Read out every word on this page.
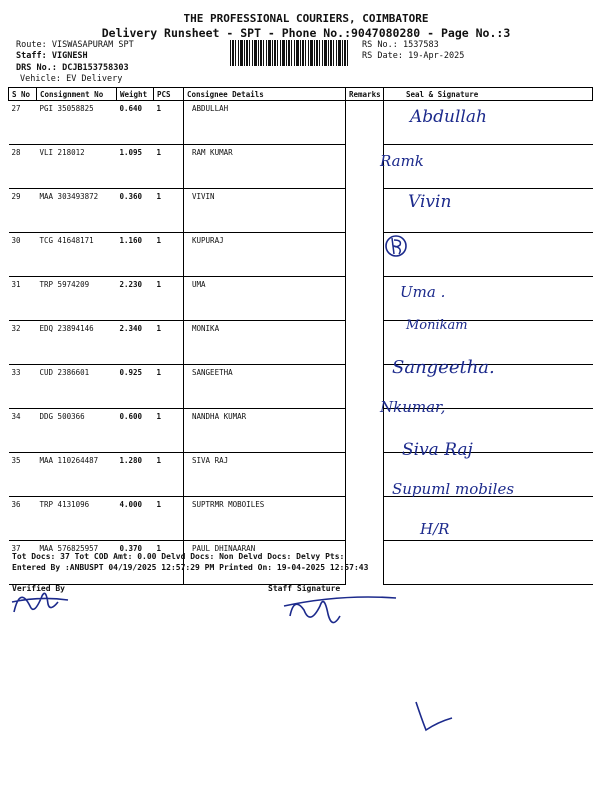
THE PROFESSIONAL COURIERS, COIMBATORE
Delivery Runsheet - SPT - Phone No.:9047080280 - Page No.:3
Route: VISWASAPURAM SPT
Staff: VIGNESH
DRS No.: DCJB153758303
Vehicle: EV Delivery
RS No.: 1537583
RS Date: 19-Apr-2025
S No	Consignment No	Weight	PCS	Consignee Details	Remarks	Seal & Signature
27	PGI 35058825	0.640	1	ABDULLAH		
28	VLI 218012	1.095	1	RAM KUMAR		
29	MAA 303493872	0.360	1	VIVIN		
30	TCG 41648171	1.160	1	KUPURAJ		
31	TRP 5974209	2.230	1	UMA		
32	EDQ 23894146	2.340	1	MONIKA		
33	CUD 2386601	0.925	1	SANGEETHA		
34	DDG 500366	0.600	1	NANDHA KUMAR		
35	MAA 110264487	1.280	1	SIVA RAJ		
36	TRP 4131096	4.000	1	SUPTRMR MOBOILES		
37	MAA 576825957	0.370	1	PAUL DHINAARAN		
Abdullah
Ramk
Vivin
Uma .
Monikam
Sangeetha.
Nkumar,
Siva Raj
Supuml mobiles
H/R
Tot Docs: 37 Tot COD Amt: 0.00 Delvd Docs: Non Delvd Docs: Delvy Pts:
Entered By :ANBUSPT 04/19/2025 12:57:29 PM Printed On: 19-04-2025 12:57:43
Verified By	Staff Signature
